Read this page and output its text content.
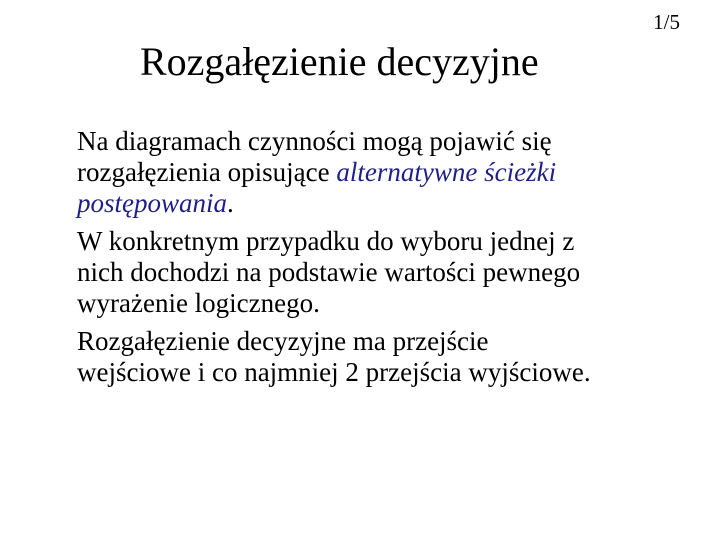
1/5
Rozgałęzienie decyzyjne
Na diagramach czynności mogą pojawić się
rozgałęzienia opisujące alternatywne ścieżki
postępowania.
W konkretnym przypadku do wyboru jednej z
nich dochodzi na podstawie wartości pewnego
wyrażenie logicznego.
Rozgałęzienie decyzyjne ma przejście
wejściowe i co najmniej 2 przejścia wyjściowe.
